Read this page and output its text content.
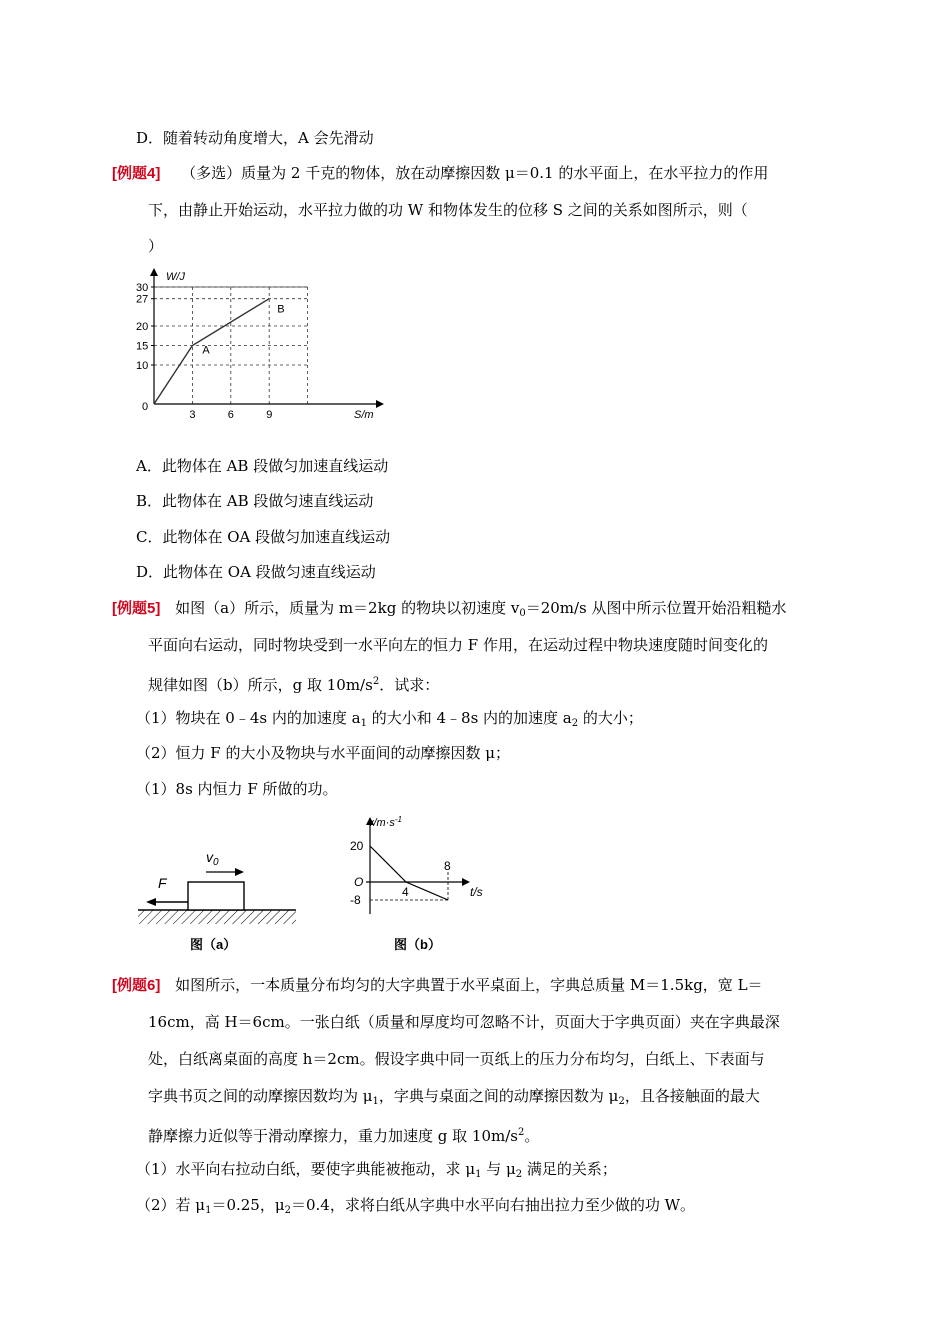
D．随着转动角度增大，A 会先滑动
[例题4] （多选）质量为 2 千克的物体，放在动摩擦因数 μ＝0.1 的水平面上，在水平拉力的作用
下，由静止开始运动，水平拉力做的功 W 和物体发生的位移 S 之间的关系如图所示，则（
）
30
27
20
15
10
3	6	9
W/J
S/m
0
A
B
A．此物体在 AB 段做匀加速直线运动
B．此物体在 AB 段做匀速直线运动
C．此物体在 OA 段做匀加速直线运动
D．此物体在 OA 段做匀速直线运动
[例题5] 如图（a）所示，质量为 m＝2kg 的物块以初速度 $v_0=20m/s$ 从图中所示位置开始沿粗糙水
平面向右运动，同时物块受到一水平向左的恒力 F 作用，在运动过程中物块速度随时间变化的
规律如图（b）所示，g 取 $10m/s^2$．试求：
（1）物块在 0﹣4s 内的加速度 $a_1$ 的大小和 4﹣8s 内的加速度 $a_2$ 的大小；
（2）恒力 F 的大小及物块与水平面间的动摩擦因数 μ；
（1）8s 内恒力 F 所做的功。
F
$v_0$
图（a）
$v/m\cdot s^{-1}$
t/s
20
O
-8
4
8
图（b）
[例题6] 如图所示，一本质量分布均匀的大字典置于水平桌面上，字典总质量 M＝1.5kg，宽 L＝
16cm，高 H＝6cm。一张白纸（质量和厚度均可忽略不计，页面大于字典页面）夹在字典最深
处，白纸离桌面的高度 h＝2cm。假设字典中同一页纸上的压力分布均匀，白纸上、下表面与
字典书页之间的动摩擦因数均为 $\mu_1$，字典与桌面之间的动摩擦因数为 $\mu_2$，且各接触面的最大
静摩擦力近似等于滑动摩擦力，重力加速度 g 取 $10m/s^2$。
（1）水平向右拉动白纸，要使字典能被拖动，求 $\mu_1$ 与 $\mu_2$ 满足的关系；
（2）若 $\mu_1=0.25$，$\mu_2=0.4$，求将白纸从字典中水平向右抽出拉力至少做的功 W。
